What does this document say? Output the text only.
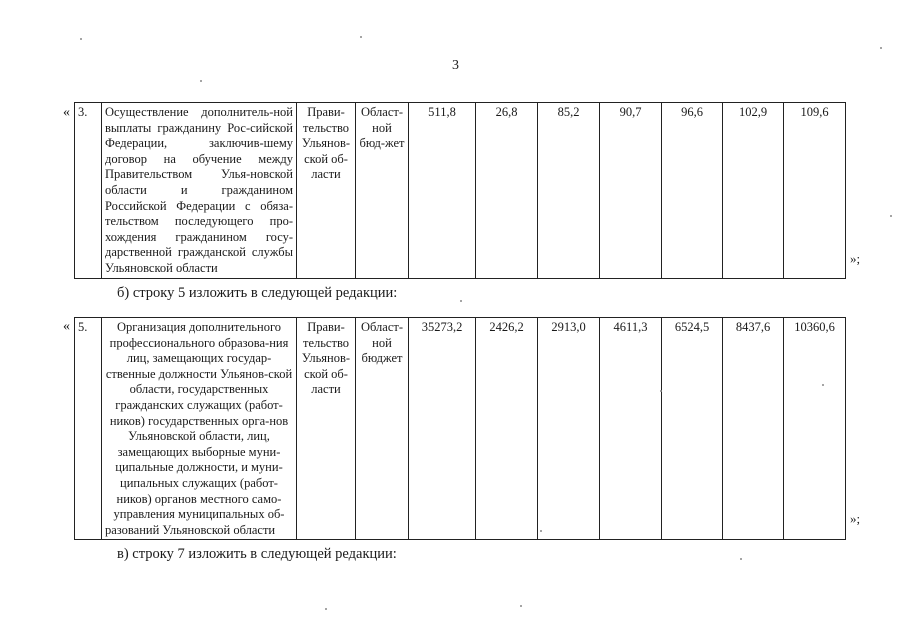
3
« 3.	Осуществление дополнитель-ной выплаты гражданину Рос-сийской Федерации, заключив-шему договор на обучение между Правительством Улья-новской области и гражданином Российской Федерации с обяза-тельством последующего про-хождения гражданином госу-дарственной гражданской службы Ульяновской области	Прави-тельство Ульянов-ской об-ласти	Област-ной бюд-жет	511,8	26,8	85,2	90,7	96,6	102,9	109,6
»;
б) строку 5 изложить в следующей редакции:
« 5.	Организация дополнительного профессионального образова-ния лиц, замещающих государ-ственные должности Ульянов-ской области, государственных гражданских служащих (работ-ников) государственных орга-нов Ульяновской области, лиц, замещающих выборные муни-ципальные должности, и муни-ципальных служащих (работ-ников) органов местного само-управления муниципальных об-разований Ульяновской области	Прави-тельство Ульянов-ской об-ласти	Област-ной бюджет	35273,2	2426,2	2913,0	4611,3	6524,5	8437,6	10360,6
»;
в) строку 7 изложить в следующей редакции:
